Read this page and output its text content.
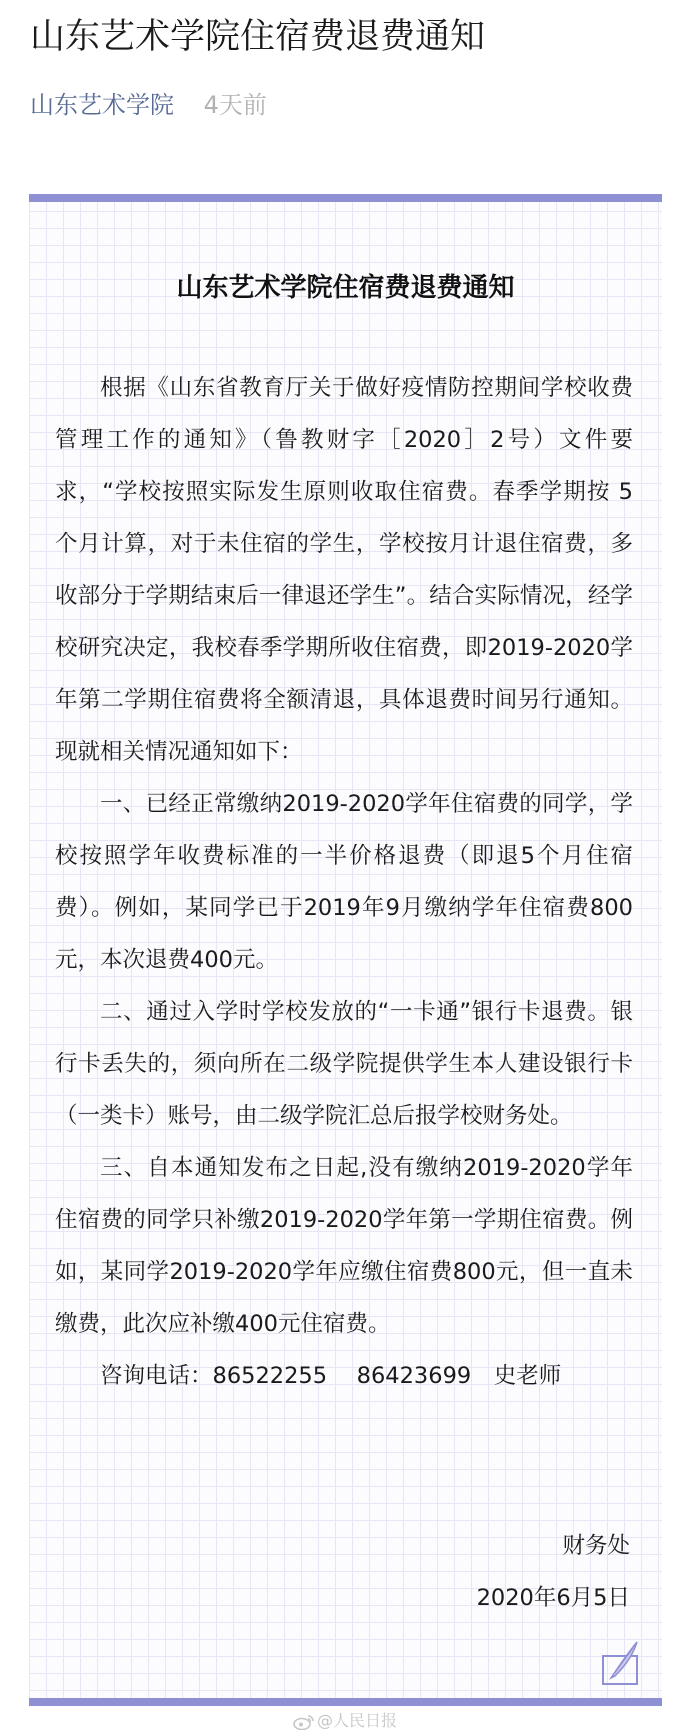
山东艺术学院住宿费退费通知
山东艺术学院 4天前
山东艺术学院住宿费退费通知

根据《山东省教育厅关于做好疫情防控期间学校收费管理工作的通知》（鲁教财字［2020］2号）文件要求，“学校按照实际发生原则收取住宿费。春季学期按 5 个月计算，对于未住宿的学生，学校按月计退住宿费，多收部分于学期结束后一律退还学生”。结合实际情况，经学校研究决定，我校春季学期所收住宿费，即2019-2020学年第二学期住宿费将全额清退，具体退费时间另行通知。现就相关情况通知如下：

一、已经正常缴纳2019-2020学年住宿费的同学，学校按照学年收费标准的一半价格退费（即退5个月住宿费）。例如，某同学已于2019年9月缴纳学年住宿费800元，本次退费400元。

二、通过入学时学校发放的“一卡通”银行卡退费。银行卡丢失的，须向所在二级学院提供学生本人建设银行卡（一类卡）账号，由二级学院汇总后报学校财务处。

三、自本通知发布之日起,没有缴纳2019-2020学年住宿费的同学只补缴2019-2020学年第一学期住宿费。例如，某同学2019-2020学年应缴住宿费800元，但一直未缴费，此次应补缴400元住宿费。

咨询电话：86522255　 86423699　史老师

财务处
2020年6月5日
@人民日报
